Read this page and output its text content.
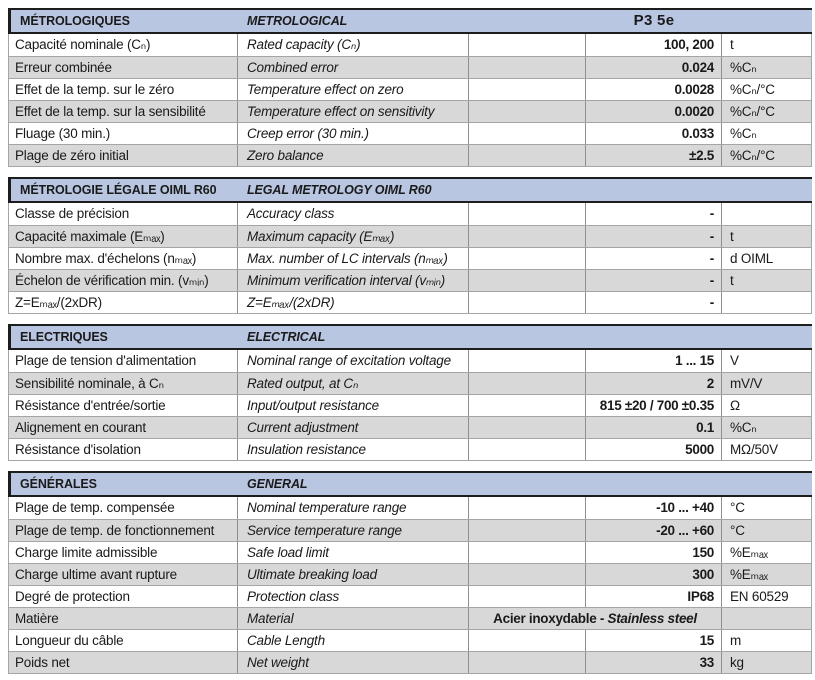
MÉTROLOGIQUES	METROLOGICAL	P3 5e
Capacité nominale (Cₙ)	Rated capacity (Cₙ)	100, 200	t
Erreur combinée	Combined error	0.024	%Cₙ
Effet de la temp. sur le zéro	Temperature effect on zero	0.0028	%Cₙ/°C
Effet de la temp. sur la sensibilité	Temperature effect on sensitivity	0.0020	%Cₙ/°C
Fluage (30 min.)	Creep error (30 min.)	0.033	%Cₙ
Plage de zéro initial	Zero balance	±2.5	%Cₙ/°C
MÉTROLOGIE LÉGALE OIML R60	LEGAL METROLOGY OIML R60
Classe de précision	Accuracy class	-
Capacité maximale (Eₘₐₓ)	Maximum capacity (Eₘₐₓ)	-	t
Nombre max. d'échelons (nₘₐₓ)	Max. number of LC intervals (nₘₐₓ)	-	d OIML
Échelon de vérification min. (vₘᵢₙ)	Minimum verification interval (vₘᵢₙ)	-	t
Z=Eₘₐₓ/(2xDR)	Z=Eₘₐₓ/(2xDR)	-
ELECTRIQUES	ELECTRICAL
Plage de tension d'alimentation	Nominal range of excitation voltage	1 ... 15	V
Sensibilité nominale, à Cₙ	Rated output, at Cₙ	2	mV/V
Résistance d'entrée/sortie	Input/output resistance	815 ±20 / 700 ±0.35	Ω
Alignement en courant	Current adjustment	0.1	%Cₙ
Résistance d'isolation	Insulation resistance	5000	MΩ/50V
GÉNÉRALES	GENERAL
Plage de temp. compensée	Nominal temperature range	-10 ... +40	°C
Plage de temp. de fonctionnement	Service temperature range	-20 ... +60	°C
Charge limite admissible	Safe load limit	150	%Eₘₐₓ
Charge ultime avant rupture	Ultimate breaking load	300	%Eₘₐₓ
Degré de protection	Protection class	IP68	EN 60529
Matière	Material	Acier inoxydable - Stainless steel
Longueur du câble	Cable Length	15	m
Poids net	Net weight	33	kg
